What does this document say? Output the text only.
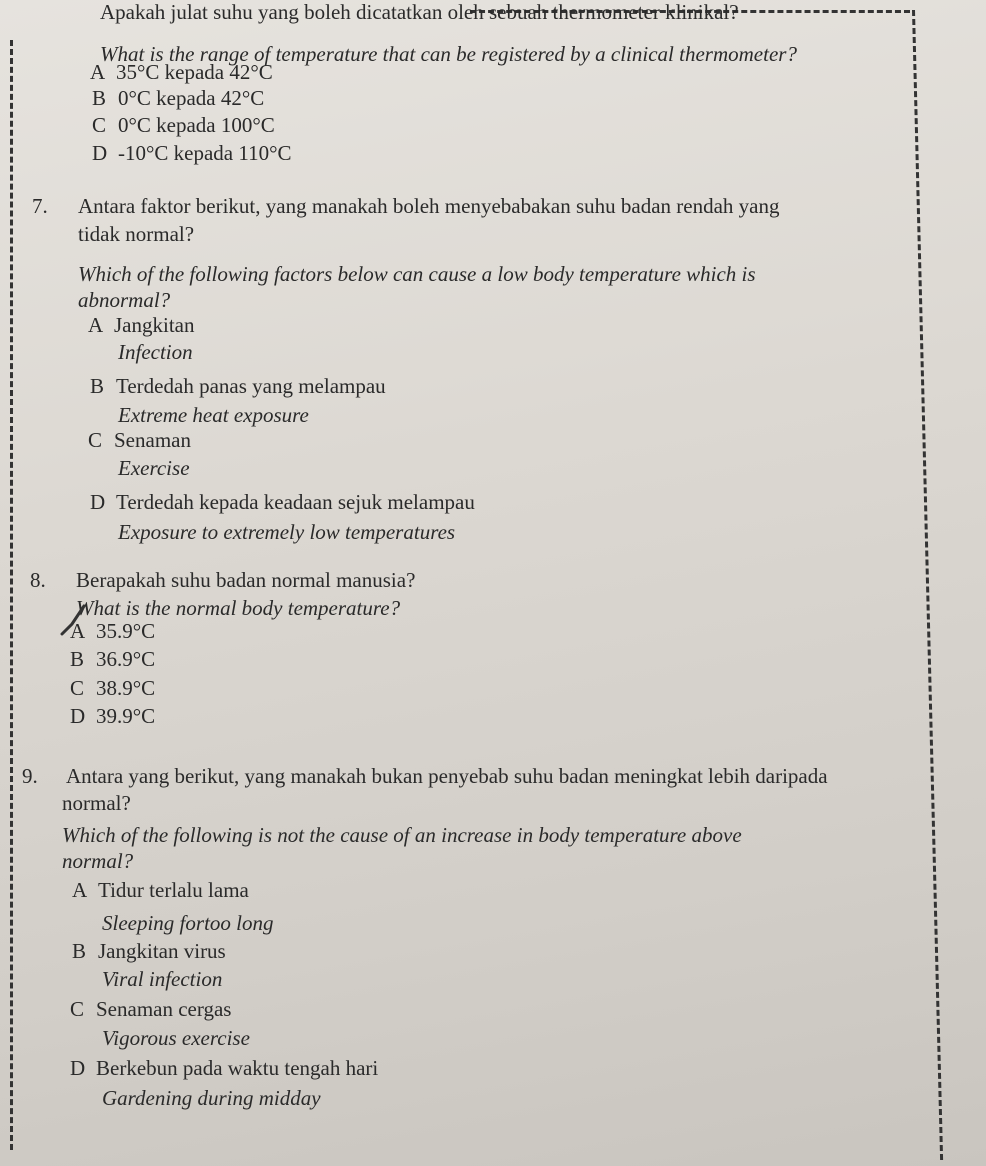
Apakah julat suhu yang boleh dicatatkan oleh sebuah thermometer klinikal?
What is the range of temperature that can be registered by a clinical thermometer?
A 35°C kepada 42°C
B 0°C kepada 42°C
C 0°C kepada 100°C
D -10°C kepada 110°C
7. Antara faktor berikut, yang manakah boleh menyebabakan suhu badan rendah yang
tidak normal?
Which of the following factors below can cause a low body temperature which is
abnormal?
A Jangkitan
Infection
B Terdedah panas yang melampau
Extreme heat exposure
C Senaman
Exercise
D Terdedah kepada keadaan sejuk melampau
Exposure to extremely low temperatures
8. Berapakah suhu badan normal manusia?
What is the normal body temperature?
A 35.9°C
B 36.9°C
C 38.9°C
D 39.9°C
9. Antara yang berikut, yang manakah bukan penyebab suhu badan meningkat lebih daripada
normal?
Which of the following is not the cause of an increase in body temperature above
normal?
A Tidur terlalu lama
Sleeping fortoo long
B Jangkitan virus
Viral infection
C Senaman cergas
Vigorous exercise
D Berkebun pada waktu tengah hari
Gardening during midday
